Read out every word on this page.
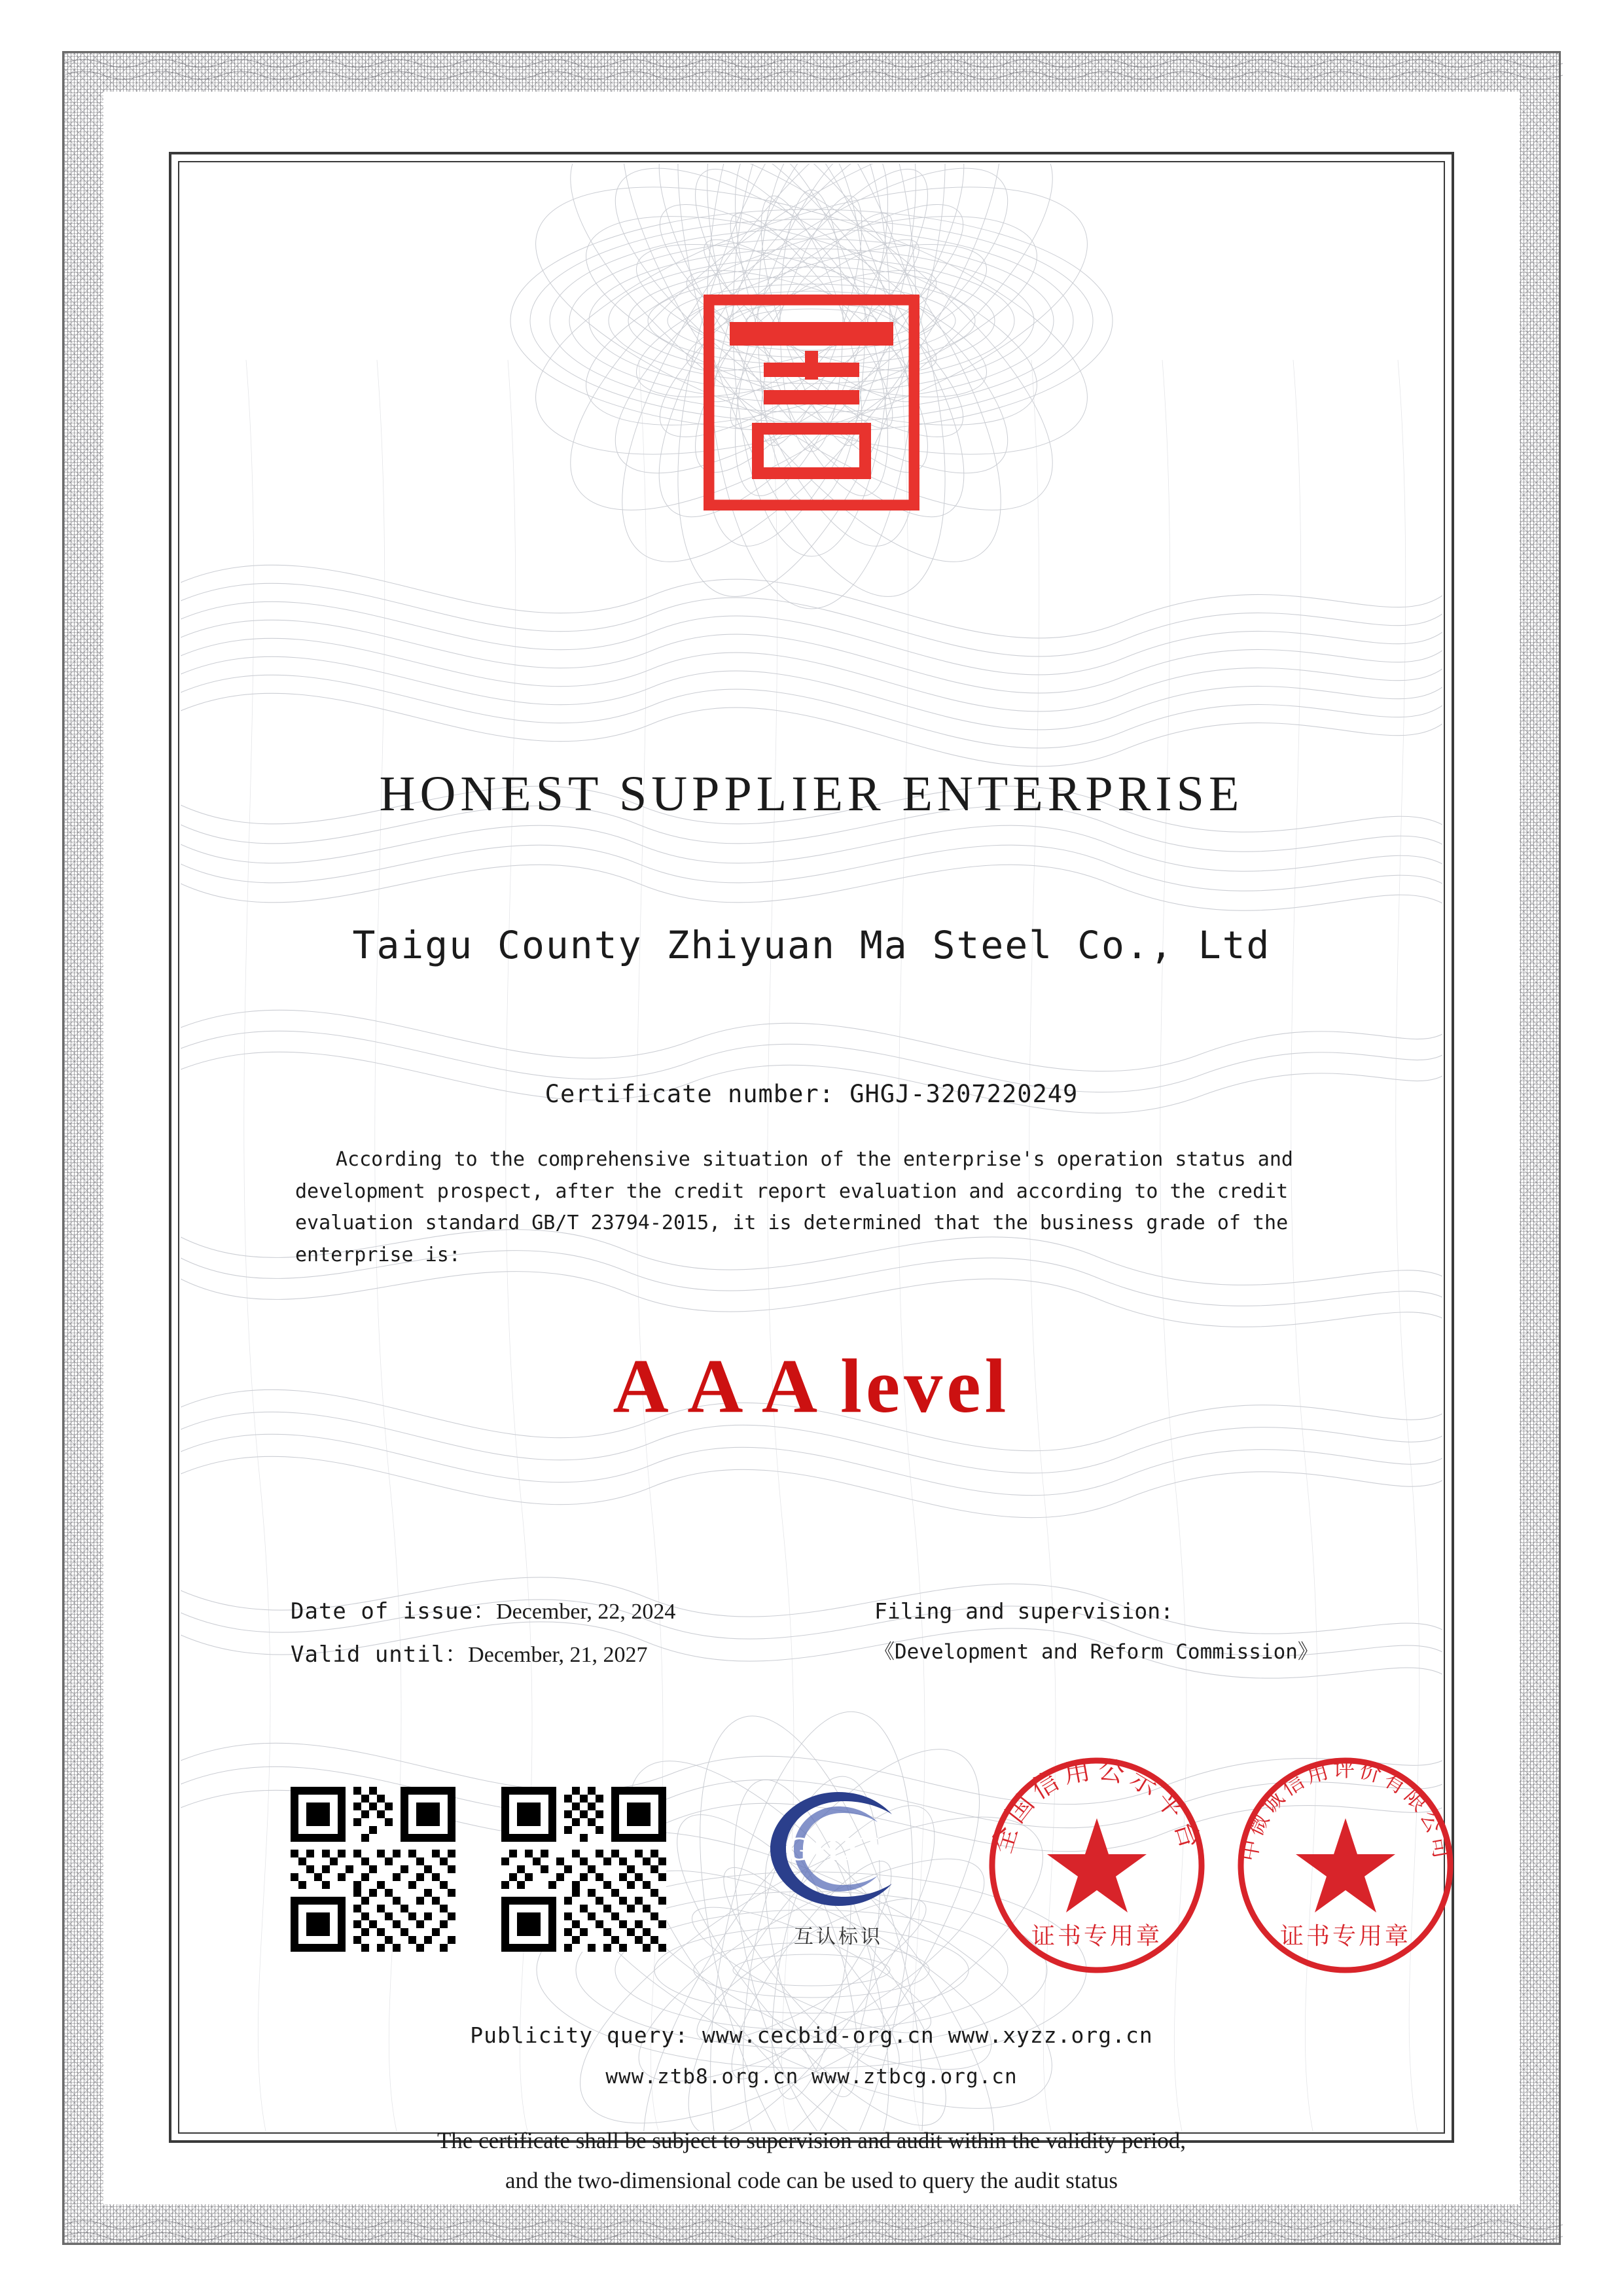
HONEST SUPPLIER ENTERPRISE
Taigu County Zhiyuan Ma Steel Co., Ltd
Certificate number: GHGJ-3207220249
According to the comprehensive situation of the enterprise's operation status and development prospect, after the credit report evaluation and according to the credit evaluation standard GB/T 23794-2015, it is determined that the business grade of the enterprise is:
A A A level
Date of issue：December, 22, 2024
Valid until：December, 21, 2027
Filing and supervision:
《Development and Reform Commission》
GHXY
互认标识
全国信用公示平台
证书专用章
中微诚信用评价有限公司
证书专用章
Publicity query: www.cecbid-org.cn www.xyzz.org.cn
www.ztb8.org.cn www.ztbcg.org.cn
The certificate shall be subject to supervision and audit within the validity period,
and the two-dimensional code can be used to query the audit status
